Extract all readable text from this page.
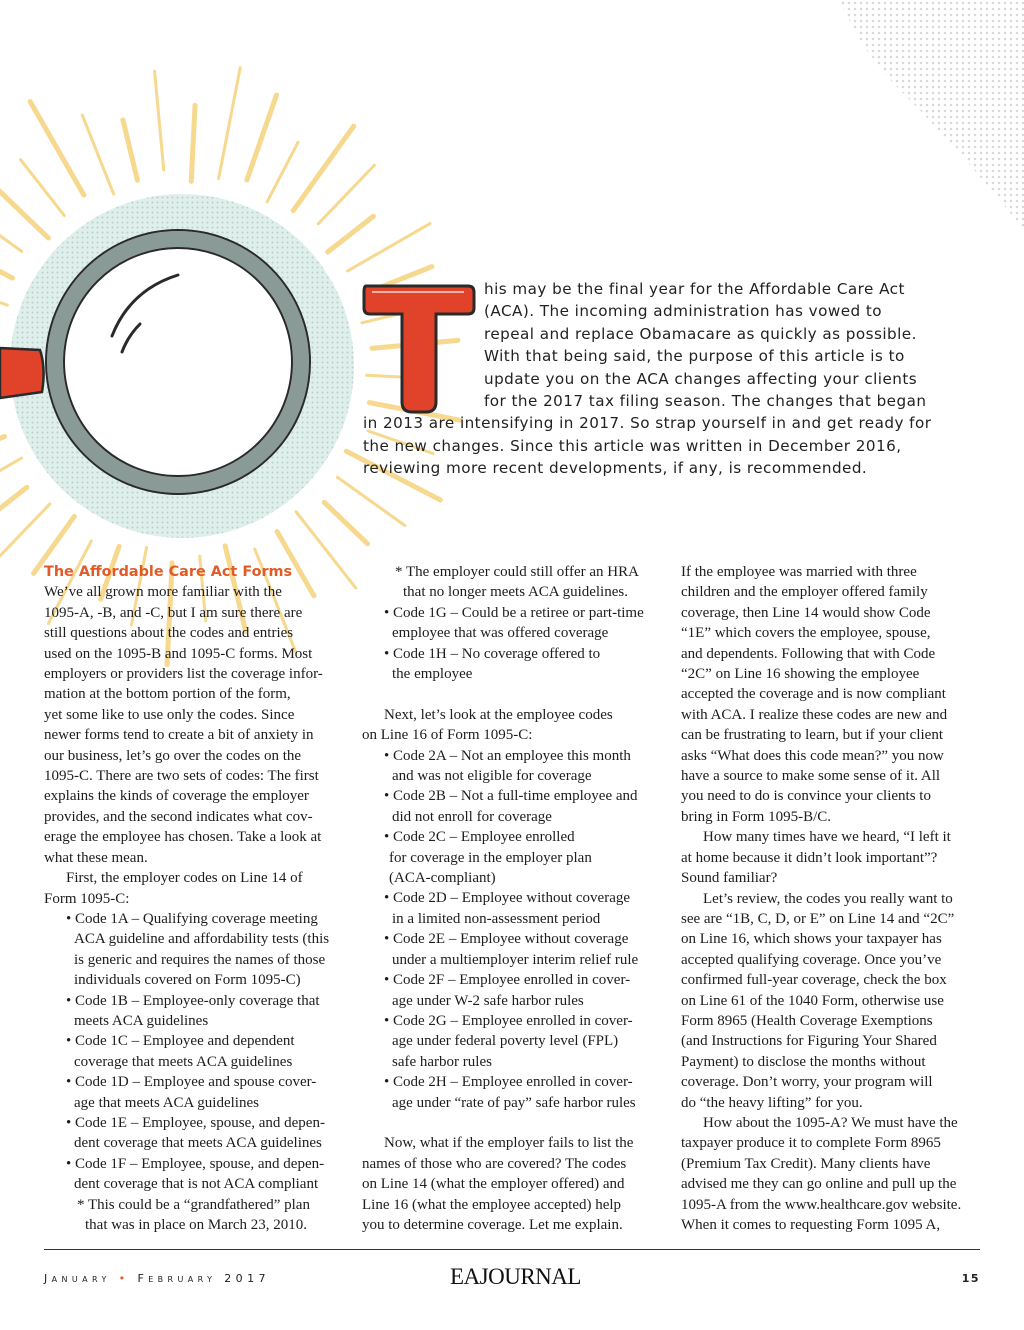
T
his may be the final year for the Affordable Care Act
(ACA). The incoming administration has vowed to
repeal and replace Obamacare as quickly as possible.
With that being said, the purpose of this article is to
update you on the ACA changes affecting your clients
for the 2017 tax filing season. The changes that began
in 2013 are intensifying in 2017. So strap yourself in and get ready for
the new changes. Since this article was written in December 2016,
reviewing more recent developments, if any, is recommended.
The Affordable Care Act Forms
We’ve all grown more familiar with the
1095-A, -B, and -C, but I am sure there are
still questions about the codes and entries
used on the 1095-B and 1095-C forms. Most
employers or providers list the coverage infor-
mation at the bottom portion of the form,
yet some like to use only the codes. Since
newer forms tend to create a bit of anxiety in
our business, let’s go over the codes on the
1095-C. There are two sets of codes: The first
explains the kinds of coverage the employer
provides, and the second indicates what cov-
erage the employee has chosen. Take a look at
what these mean.
First, the employer codes on Line 14 of
Form 1095-C:
• Code 1A – Qualifying coverage meeting
ACA guideline and affordability tests (this
is generic and requires the names of those
individuals covered on Form 1095-C)
• Code 1B – Employee-only coverage that
meets ACA guidelines
• Code 1C – Employee and dependent
coverage that meets ACA guidelines
• Code 1D – Employee and spouse cover-
age that meets ACA guidelines
• Code 1E – Employee, spouse, and depen-
dent coverage that meets ACA guidelines
• Code 1F – Employee, spouse, and depen-
dent coverage that is not ACA compliant
* This could be a “grandfathered” plan
that was in place on March 23, 2010.
* The employer could still offer an HRA
that no longer meets ACA guidelines.
• Code 1G – Could be a retiree or part-time
employee that was offered coverage
• Code 1H – No coverage offered to
the employee
Next, let’s look at the employee codes
on Line 16 of Form 1095-C:
• Code 2A – Not an employee this month
and was not eligible for coverage
• Code 2B – Not a full-time employee and
did not enroll for coverage
• Code 2C – Employee enrolled
for coverage in the employer plan
(ACA-compliant)
• Code 2D – Employee without coverage
in a limited non-assessment period
• Code 2E – Employee without coverage
under a multiemployer interim relief rule
• Code 2F – Employee enrolled in cover-
age under W-2 safe harbor rules
• Code 2G – Employee enrolled in cover-
age under federal poverty level (FPL)
safe harbor rules
• Code 2H – Employee enrolled in cover-
age under “rate of pay” safe harbor rules
Now, what if the employer fails to list the
names of those who are covered? The codes
on Line 14 (what the employer offered) and
Line 16 (what the employee accepted) help
you to determine coverage. Let me explain.
If the employee was married with three
children and the employer offered family
coverage, then Line 14 would show Code
“1E” which covers the employee, spouse,
and dependents. Following that with Code
“2C” on Line 16 showing the employee
accepted the coverage and is now compliant
with ACA. I realize these codes are new and
can be frustrating to learn, but if your client
asks “What does this code mean?” you now
have a source to make some sense of it. All
you need to do is convince your clients to
bring in Form 1095-B/C.
How many times have we heard, “I left it
at home because it didn’t look important”?
Sound familiar?
Let’s review, the codes you really want to
see are “1B, C, D, or E” on Line 14 and “2C”
on Line 16, which shows your taxpayer has
accepted qualifying coverage. Once you’ve
confirmed full-year coverage, check the box
on Line 61 of the 1040 Form, otherwise use
Form 8965 (Health Coverage Exemptions
(and Instructions for Figuring Your Shared
Payment) to disclose the months without
coverage. Don’t worry, your program will
do “the heavy lifting” for you.
How about the 1095-A? We must have the
taxpayer produce it to complete Form 8965
(Premium Tax Credit). Many clients have
advised me they can go online and pull up the
1095-A from the www.healthcare.gov website.
When it comes to requesting Form 1095 A,
January • February 2017	EAJOURNAL	15
